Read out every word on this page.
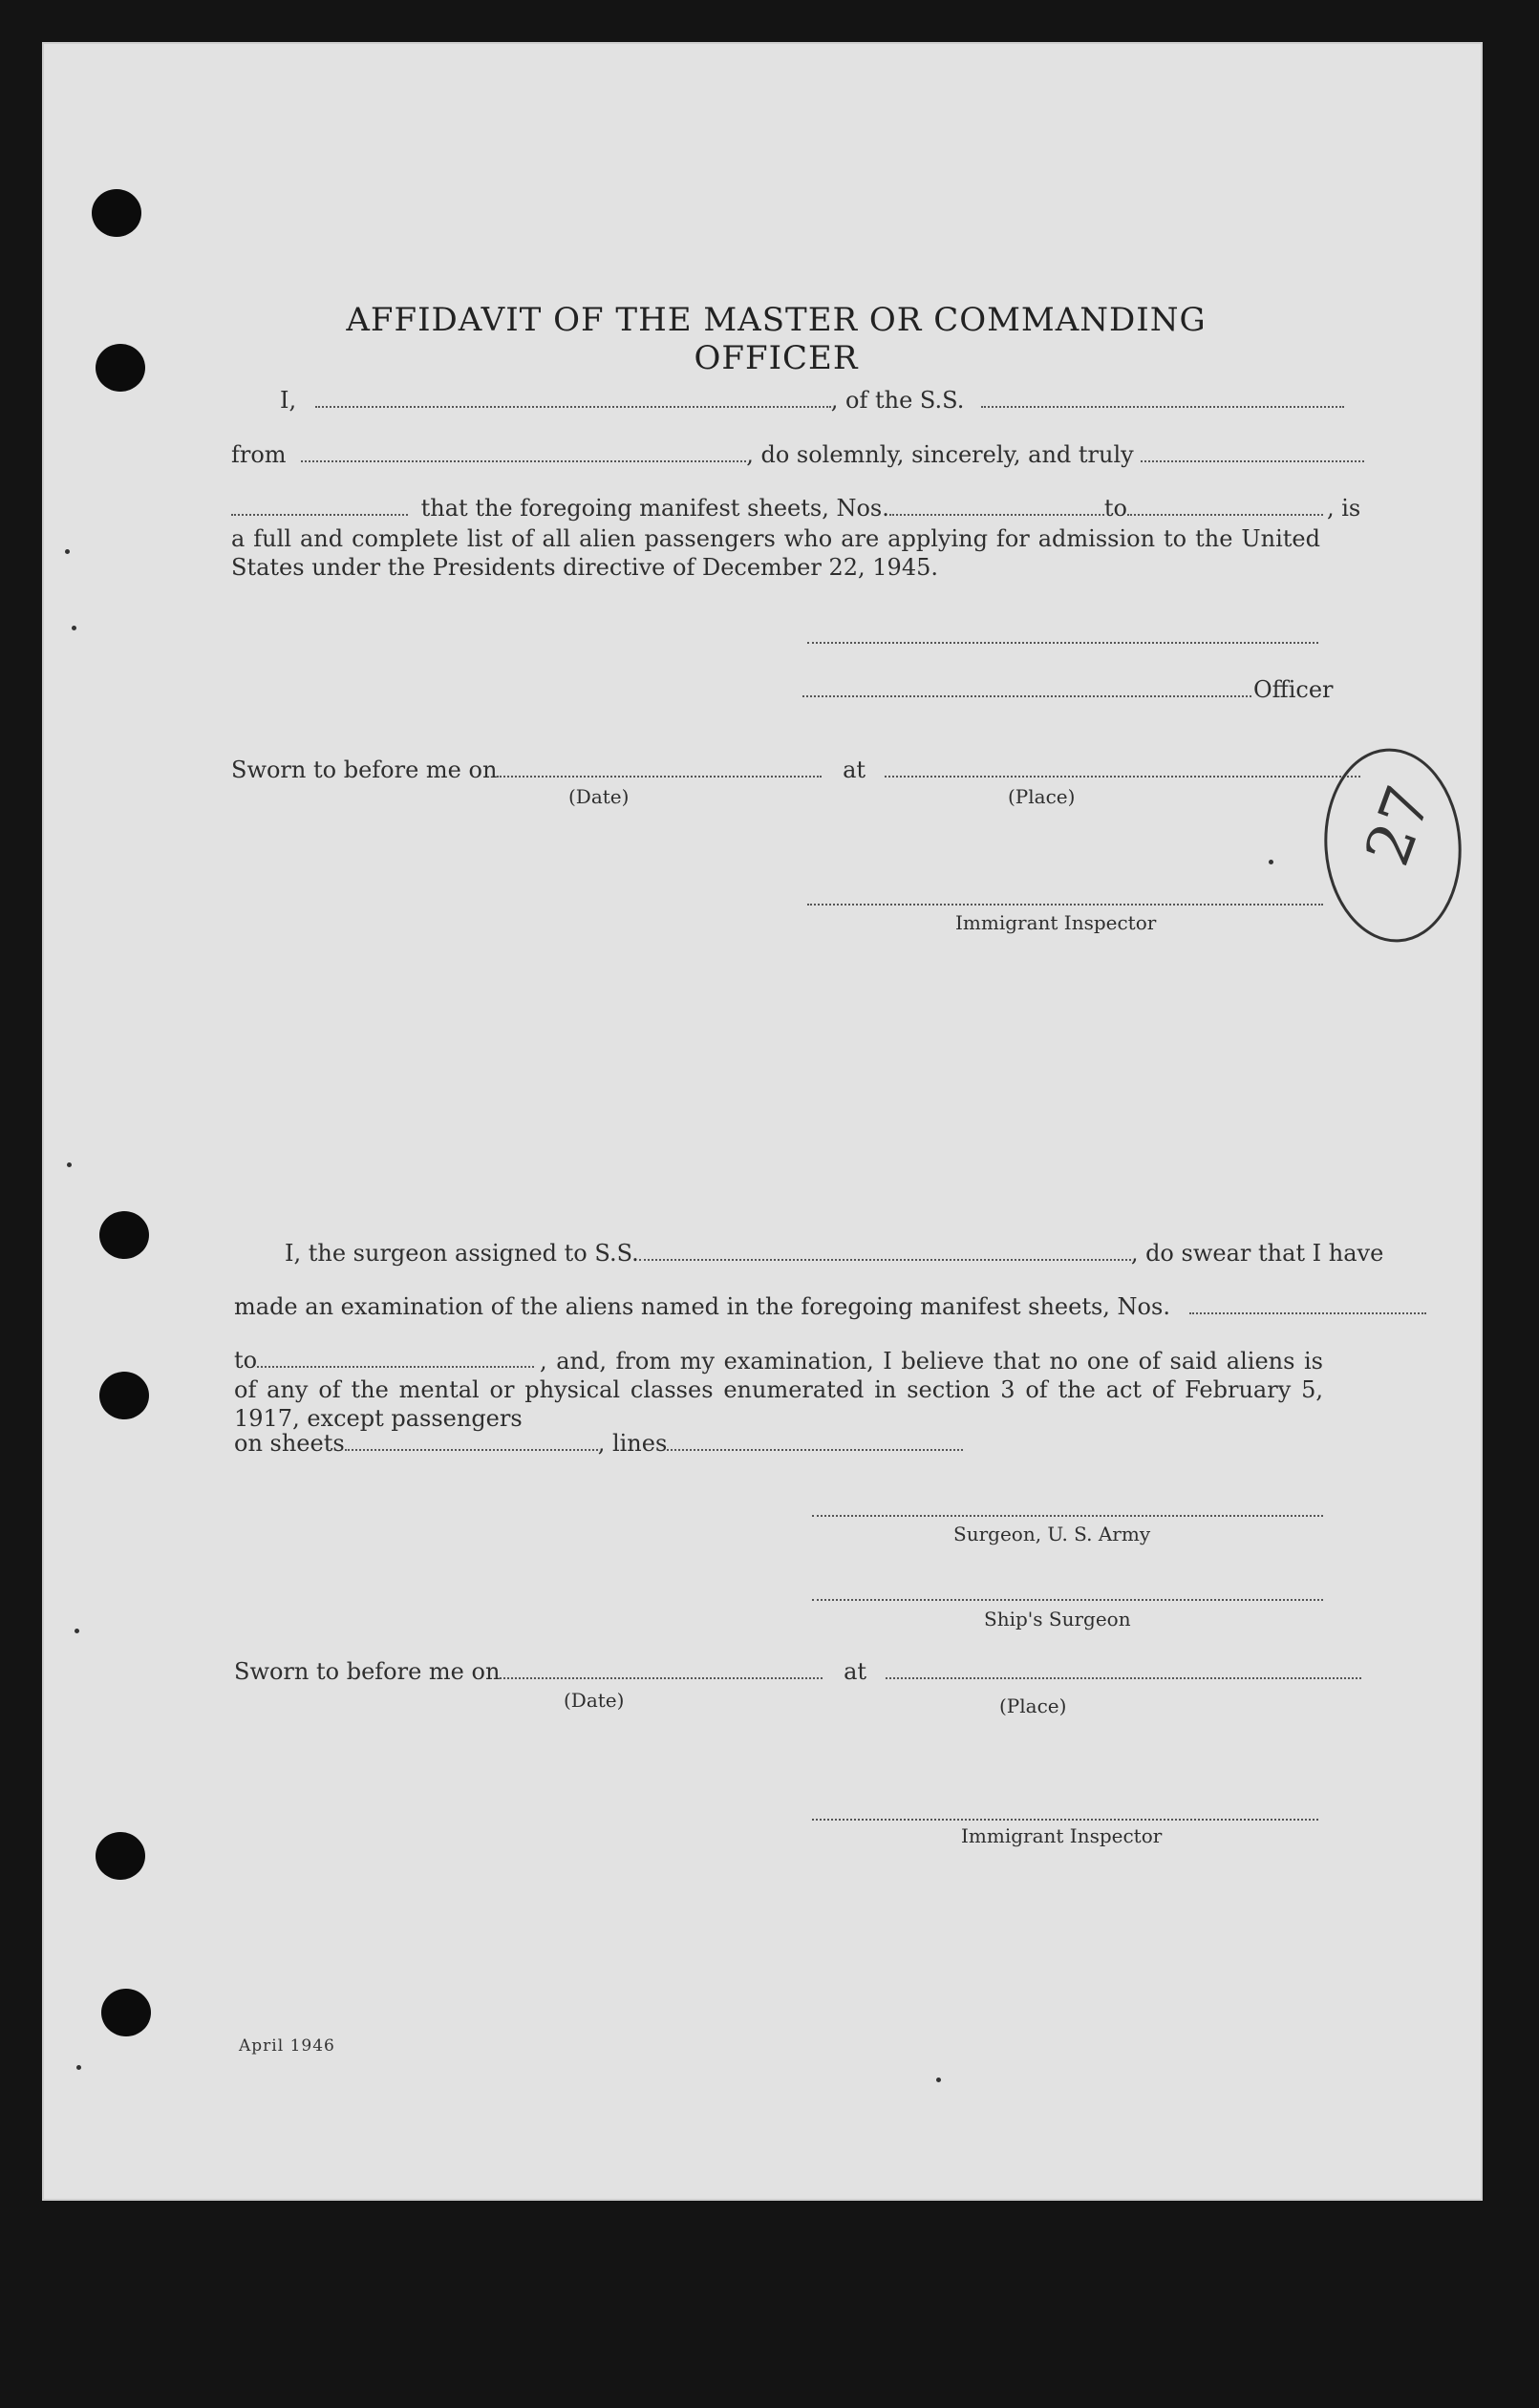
AFFIDAVIT OF THE MASTER OR COMMANDING OFFICER
I,	, of the S.S.
from	, do solemnly, sincerely, and truly
that the foregoing manifest sheets, Nos.	to	, is
a full and complete list of all alien passengers who are applying for admission to the United States under the Presidents directive of December 22, 1945.
Officer
Sworn to before me on	at
(Date)	(Place)
Immigrant Inspector
27
I, the surgeon assigned to S.S.	, do swear that I have
made an examination of the aliens named in the foregoing manifest sheets, Nos.
to	, and, from my examination, I believe that no one of said aliens is of any of the mental or physical classes enumerated in section 3 of the act of February 5, 1917, except passengers
on sheets	, lines
Surgeon, U. S. Army
Ship's Surgeon
Sworn to before me on	at
(Date)	(Place)
Immigrant Inspector
April 1946
